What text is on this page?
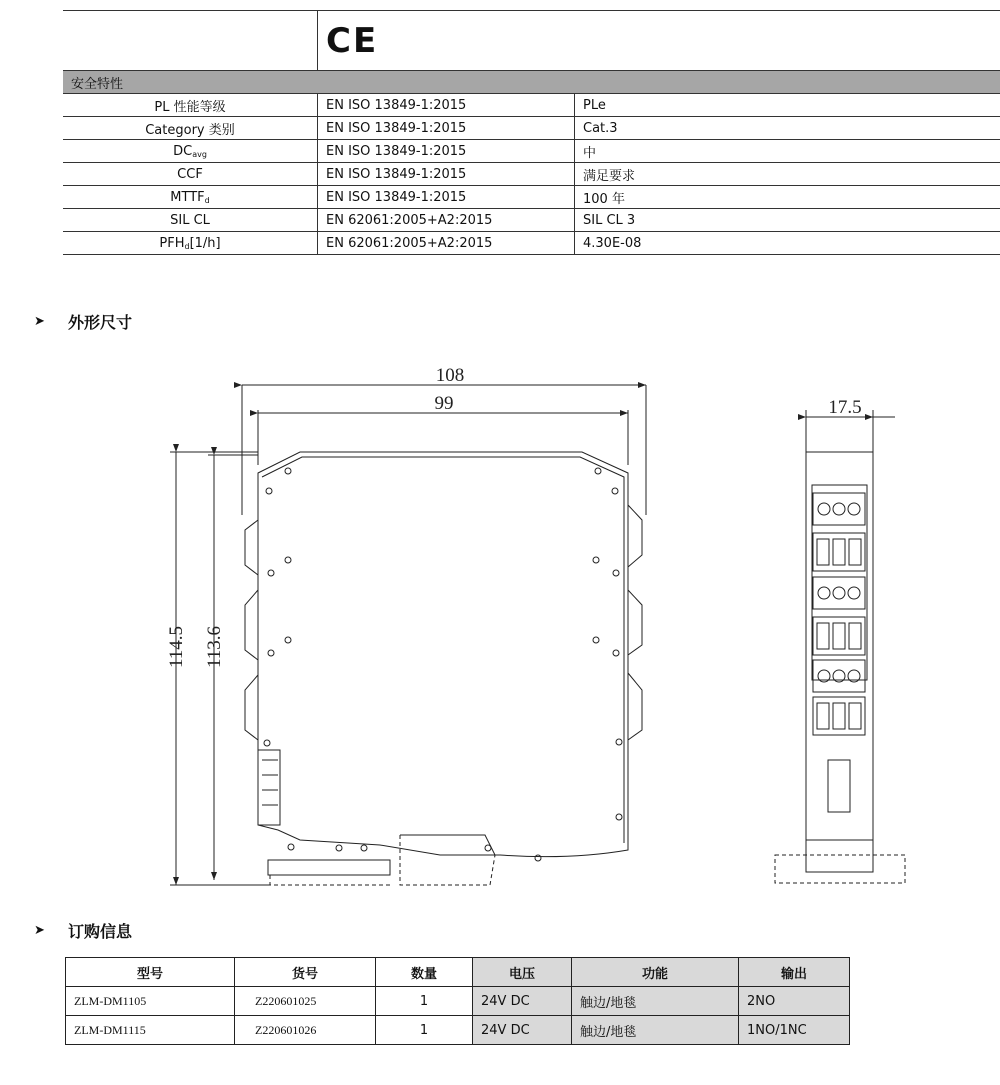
	CE	
安全特性		
PL 性能等级	EN ISO 13849-1:2015	PLe
Category 类别	EN ISO 13849-1:2015	Cat.3
$DC_{avg}$	EN ISO 13849-1:2015	中
CCF	EN ISO 13849-1:2015	满足要求
$MTTF_d$	EN ISO 13849-1:2015	100 年
SIL CL	EN 62061:2005+A2:2015	SIL CL 3
$PFH_d[1/h]$	EN 62061:2005+A2:2015	4.30E-08
➤	外形尺寸
108
99
114.5 113.6
17.5
➤	订购信息
型号	货号	数量	电压	功能	输出
ZLM-DM1105	Z220601025	1	24V DC	触边/地毯	2NO
ZLM-DM1115	Z220601026	1	24V DC	触边/地毯	1NO/1NC
